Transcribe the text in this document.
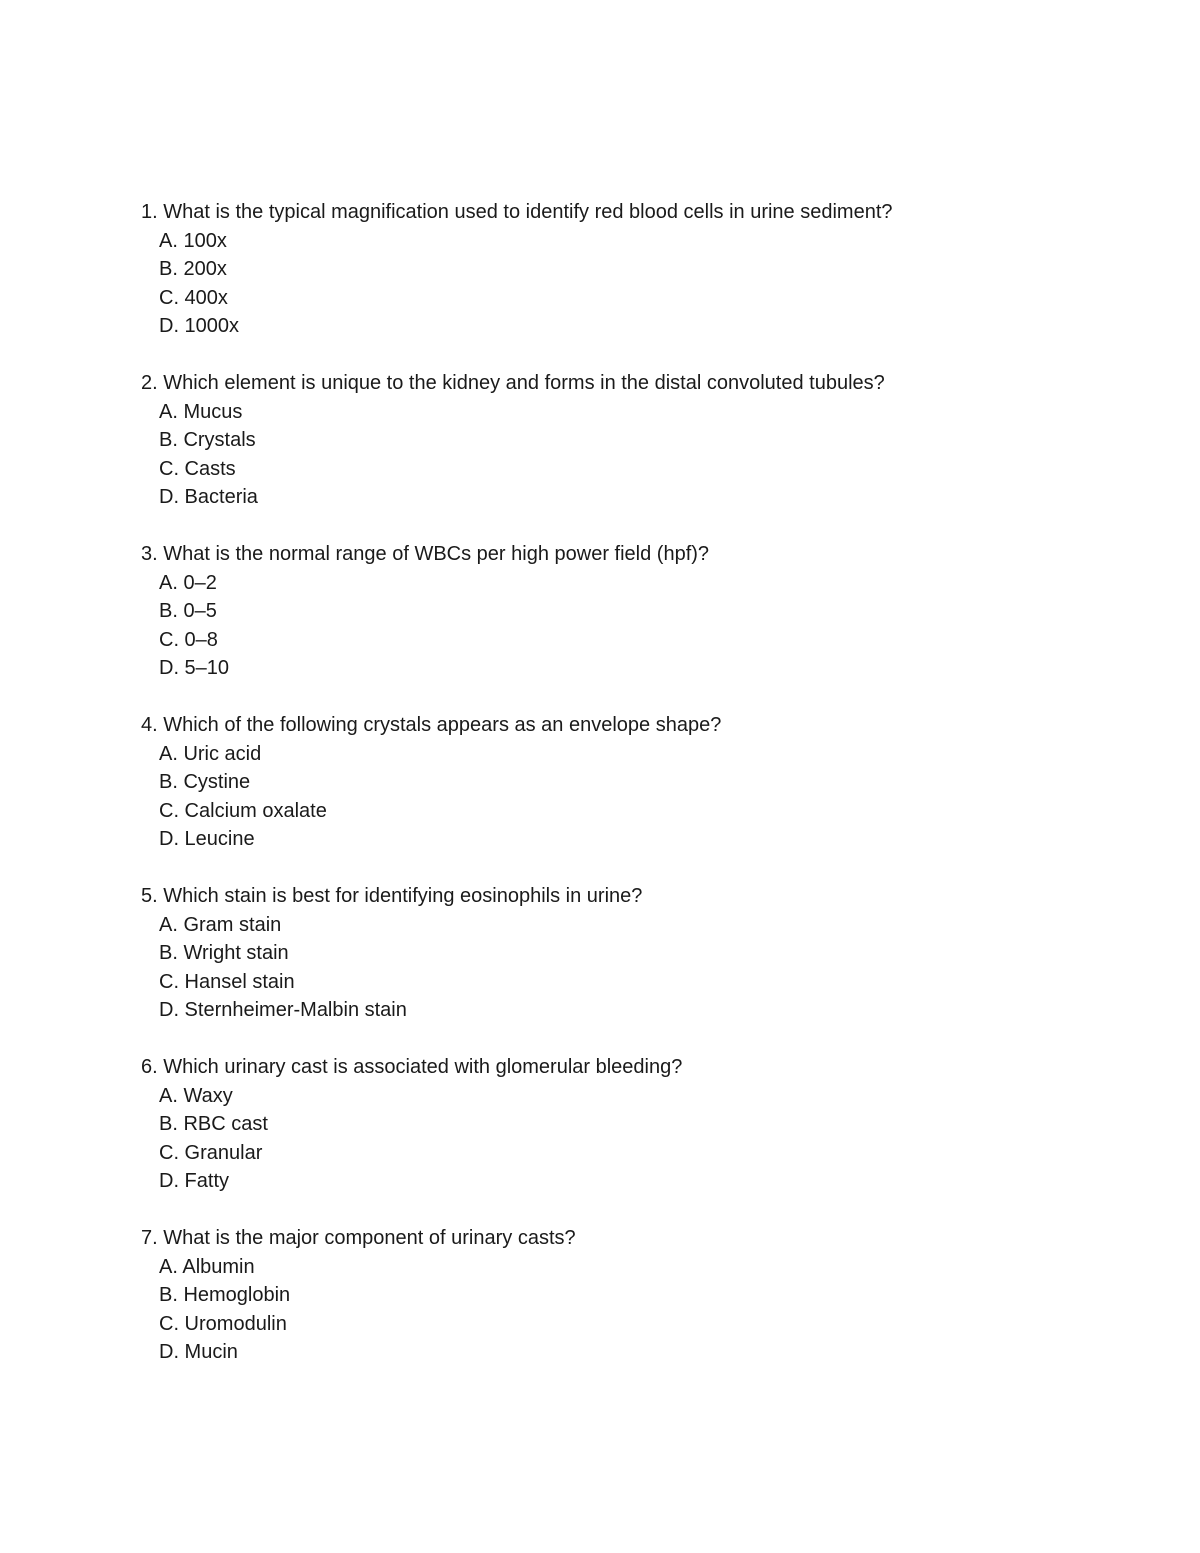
1. What is the typical magnification used to identify red blood cells in urine sediment?
A. 100x
B. 200x
C. 400x
D. 1000x
2. Which element is unique to the kidney and forms in the distal convoluted tubules?
A. Mucus
B. Crystals
C. Casts
D. Bacteria
3. What is the normal range of WBCs per high power field (hpf)?
A. 0–2
B. 0–5
C. 0–8
D. 5–10
4. Which of the following crystals appears as an envelope shape?
A. Uric acid
B. Cystine
C. Calcium oxalate
D. Leucine
5. Which stain is best for identifying eosinophils in urine?
A. Gram stain
B. Wright stain
C. Hansel stain
D. Sternheimer-Malbin stain
6. Which urinary cast is associated with glomerular bleeding?
A. Waxy
B. RBC cast
C. Granular
D. Fatty
7. What is the major component of urinary casts?
A. Albumin
B. Hemoglobin
C. Uromodulin
D. Mucin
